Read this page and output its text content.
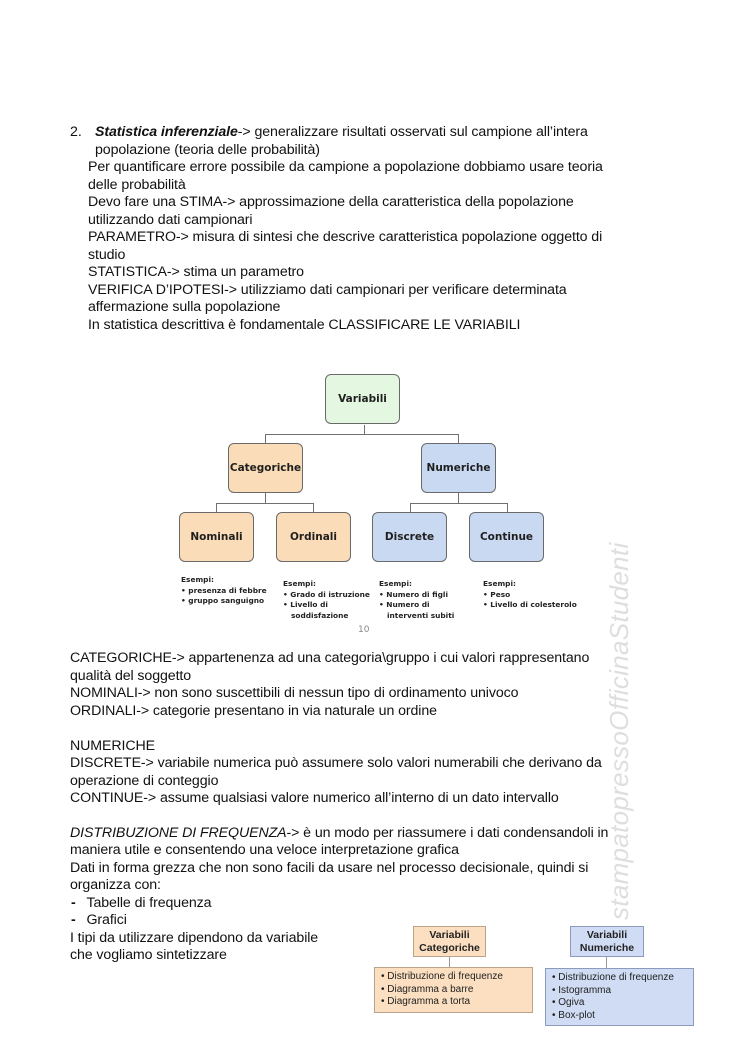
2. Statistica inferenziale-> generalizzare risultati osservati sul campione all’intera
popolazione (teoria delle probabilità)
Per quantificare errore possibile da campione a popolazione dobbiamo usare teoria
delle probabilità
Devo fare una STIMA-> approssimazione della caratteristica della popolazione
utilizzando dati campionari
PARAMETRO-> misura di sintesi che descrive caratteristica popolazione oggetto di
studio
STATISTICA-> stima un parametro
VERIFICA D’IPOTESI-> utilizziamo dati campionari per verificare determinata
affermazione sulla popolazione
In statistica descrittiva è fondamentale CLASSIFICARE LE VARIABILI
Variabili
Categoriche	Numeriche
Nominali	Ordinali	Discrete	Continue
Esempi:
• presenza di febbre
• gruppo sanguigno
Esempi:
• Grado di istruzione
• Livello di
soddisfazione
Esempi:
• Numero di figli
• Numero di
interventi subiti
Esempi:
• Peso
• Livello di colesterolo
10
CATEGORICHE-> appartenenza ad una categoria\gruppo i cui valori rappresentano
qualità del soggetto
NOMINALI-> non sono suscettibili di nessun tipo di ordinamento univoco
ORDINALI-> categorie presentano in via naturale un ordine
NUMERICHE
DISCRETE-> variabile numerica può assumere solo valori numerabili che derivano da
operazione di conteggio
CONTINUE-> assume qualsiasi valore numerico all’interno di un dato intervallo
DISTRIBUZIONE DI FREQUENZA-> è un modo per riassumere i dati condensandoli in
maniera utile e consentendo una veloce interpretazione grafica
Dati in forma grezza che non sono facili da usare nel processo decisionale, quindi si
organizza con:
- Tabelle di frequenza
- Grafici
I tipi da utilizzare dipendono da variabile
che vogliamo sintetizzare
Variabili
Categoriche
• Distribuzione di frequenze
• Diagramma a barre
• Diagramma a torta
Variabili
Numeriche
• Distribuzione di frequenze
• Istogramma
• Ogiva
• Box-plot
stampatopressoOfficinaStudenti
